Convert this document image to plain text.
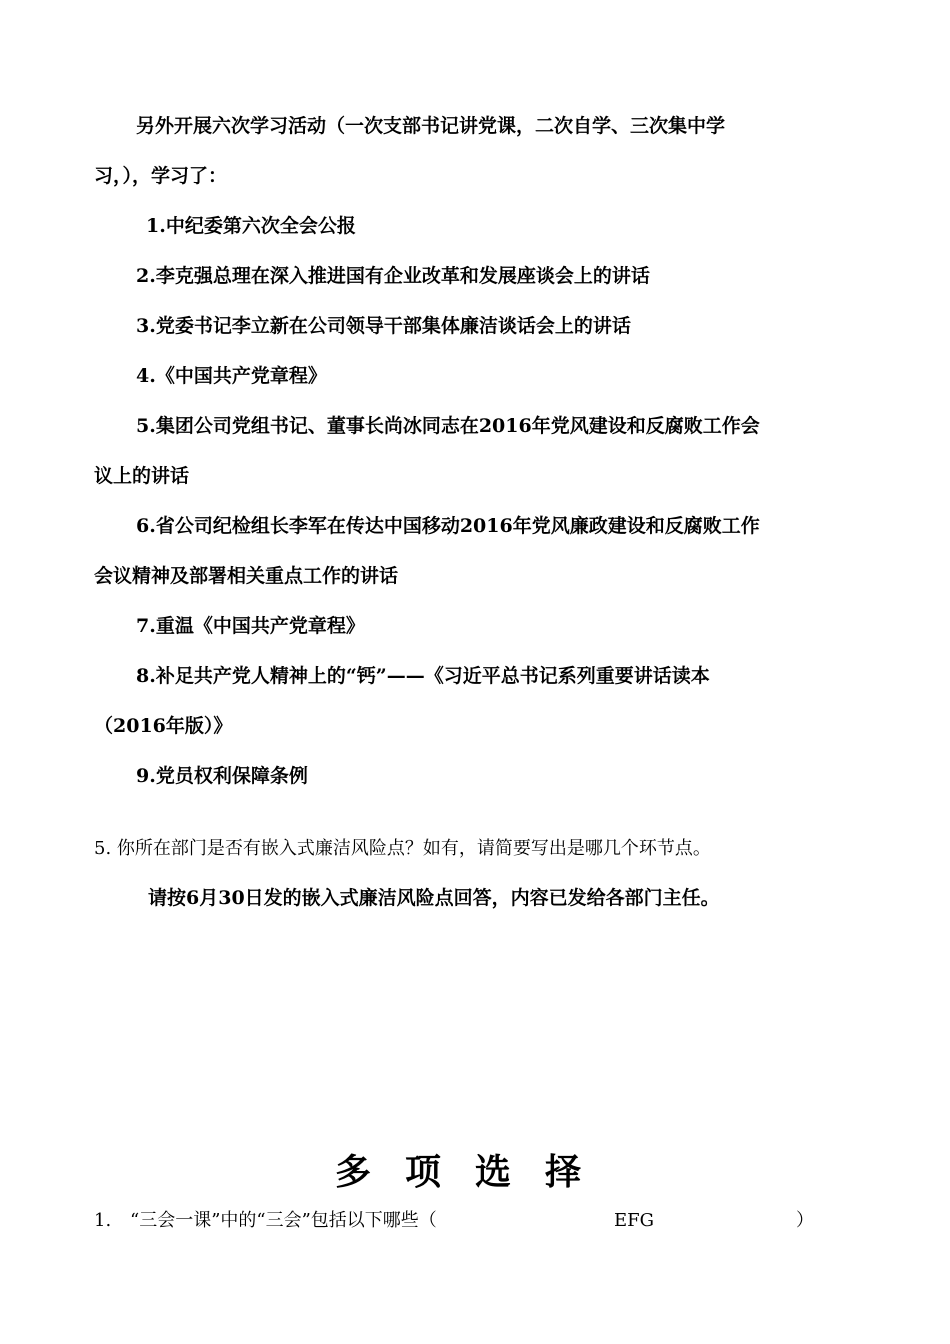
另外开展六次学习活动（一次支部书记讲党课，二次自学、三次集中学
习，），学习了：
1.中纪委第六次全会公报
2.李克强总理在深入推进国有企业改革和发展座谈会上的讲话
3.党委书记李立新在公司领导干部集体廉洁谈话会上的讲话
4.《中国共产党章程》
5.集团公司党组书记、董事长尚冰同志在2016年党风建设和反腐败工作会
议上的讲话
6.省公司纪检组长李军在传达中国移动2016年党风廉政建设和反腐败工作
会议精神及部署相关重点工作的讲话
7.重温《中国共产党章程》
8.补足共产党人精神上的“钙”——《习近平总书记系列重要讲话读本
（2016年版）》
9.党员权利保障条例
5. 你所在部门是否有嵌入式廉洁风险点？如有，请简要写出是哪几个环节点。
请按6月30日发的嵌入式廉洁风险点回答，内容已发给各部门主任。
多项选择
1. “三会一课”中的“三会”包括以下哪些（	EFG	）
